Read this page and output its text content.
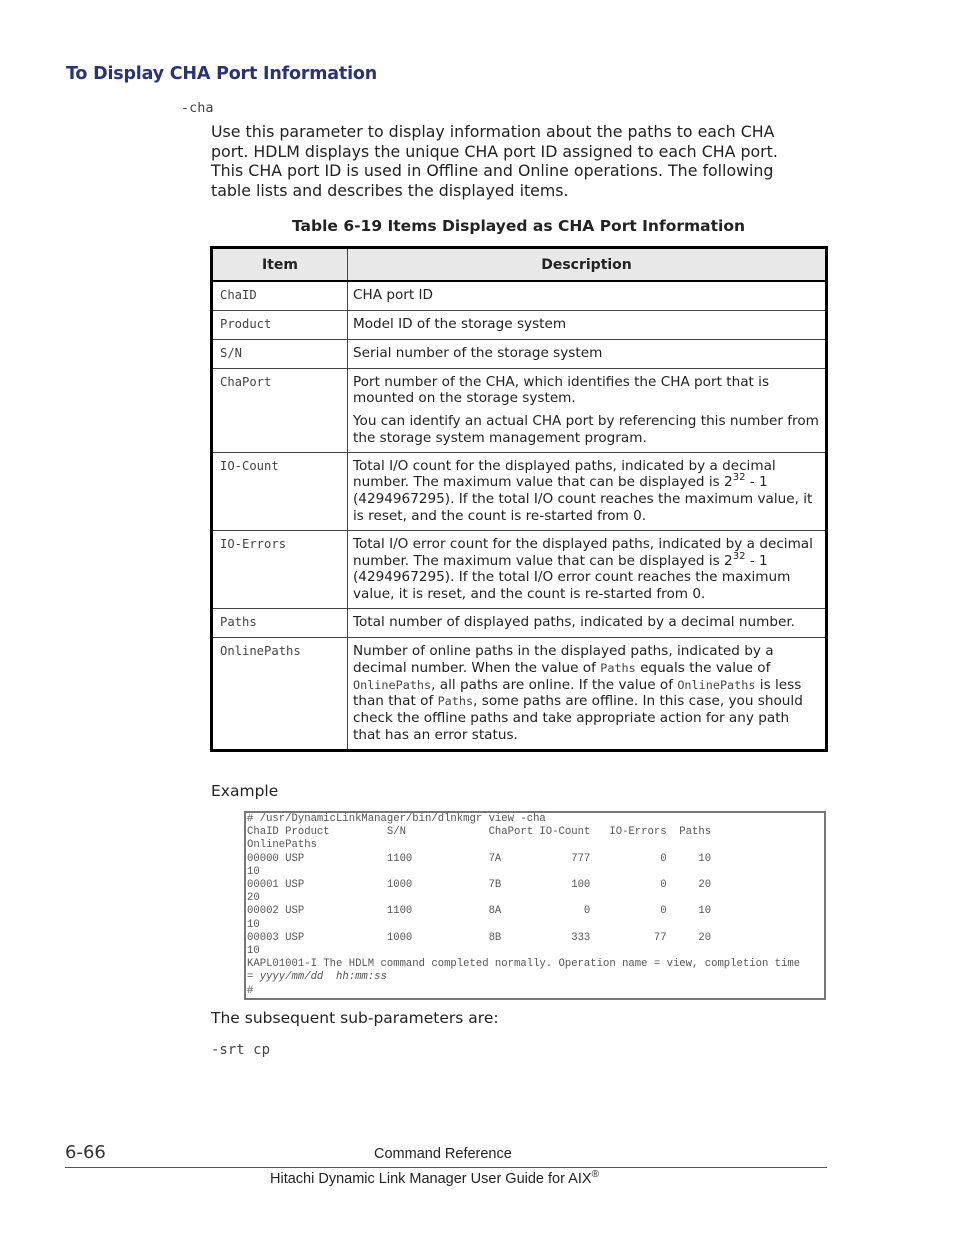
To Display CHA Port Information
-cha
Use this parameter to display information about the paths to each CHA
port. HDLM displays the unique CHA port ID assigned to each CHA port.
This CHA port ID is used in Offline and Online operations. The following
table lists and describes the displayed items.
Table 6-19 Items Displayed as CHA Port Information
Item	Description
ChaID	CHA port ID
Product	Model ID of the storage system
S/N	Serial number of the storage system
ChaPort	Port number of the CHA, which identifies the CHA port that is mounted on the storage system.

You can identify an actual CHA port by referencing this number from the storage system management program.

IO-Count	Total I/O count for the displayed paths, indicated by a decimal number. The maximum value that can be displayed is $2^{32} - 1$ (4294967295). If the total I/O count reaches the maximum value, it is reset, and the count is re-started from 0.
IO-Errors	Total I/O error count for the displayed paths, indicated by a decimal number. The maximum value that can be displayed is $2^{32} - 1$ (4294967295). If the total I/O error count reaches the maximum value, it is reset, and the count is re-started from 0.
Paths	Total number of displayed paths, indicated by a decimal number.
OnlinePaths	Number of online paths in the displayed paths, indicated by a decimal number. When the value of Paths equals the value of OnlinePaths, all paths are online. If the value of OnlinePaths is less than that of Paths, some paths are offline. In this case, you should check the offline paths and take appropriate action for any path that has an error status.
Example
# /usr/DynamicLinkManager/bin/dlnkmgr view -cha
ChaID Product         S/N             ChaPort IO-Count   IO-Errors  Paths
OnlinePaths
00000 USP             1100            7A           777           0     10
10
00001 USP             1000            7B           100           0     20
20
00002 USP             1100            8A             0           0     10
10
00003 USP             1000            8B           333          77     20
10
KAPL01001-I The HDLM command completed normally. Operation name = view, completion time
= yyyy/mm/dd  hh:mm:ss
#
The subsequent sub-parameters are:
-srt cp
6-66	Command Reference
Hitachi Dynamic Link Manager User Guide for AIX®
